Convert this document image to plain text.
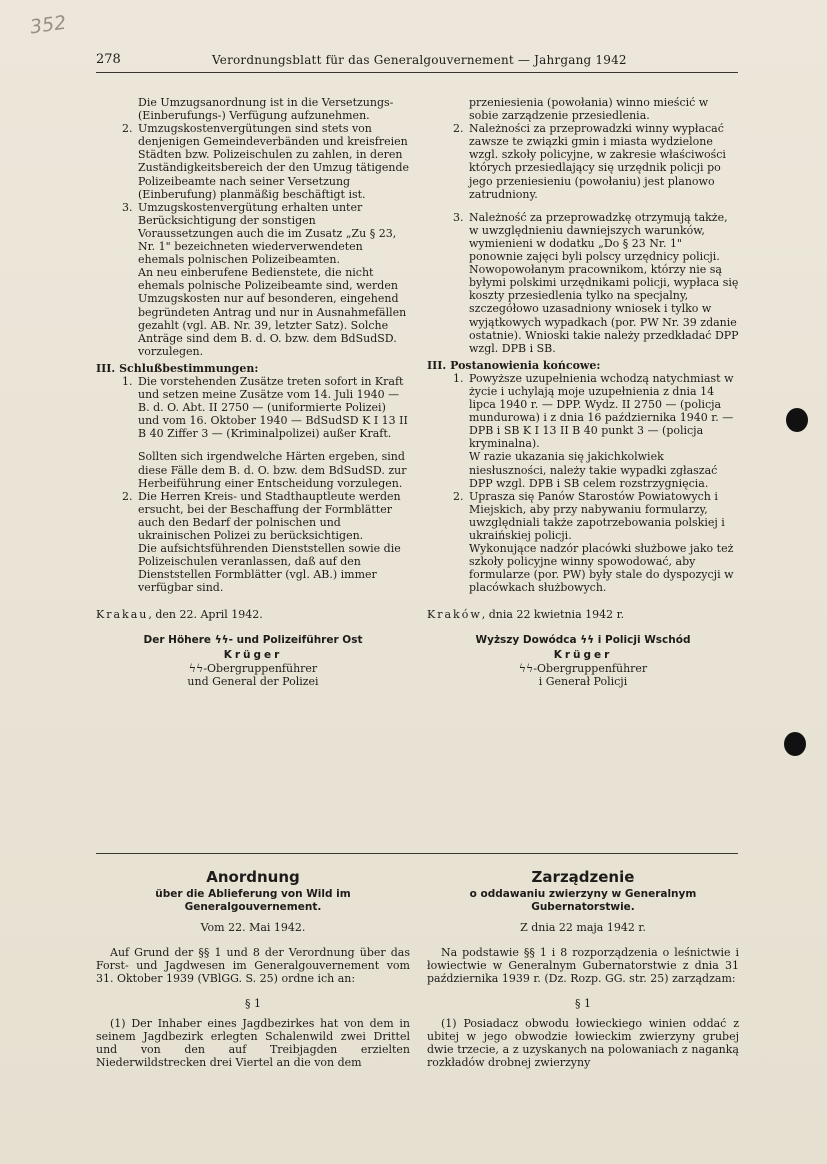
352
278	Verordnungsblatt für das Generalgouvernement — Jahrgang 1942

Die Umzugsanordnung ist in die Versetzungs- (Einberufungs-) Verfügung aufzunehmen.

2. Umzugskostenvergütungen sind stets von denjenigen Gemeindeverbänden und kreisfreien Städten bzw. Polizeischulen zu zahlen, in deren Zuständigkeitsbereich der den Umzug tätigende Polizeibeamte nach seiner Versetzung (Einberufung) planmäßig beschäftigt ist.

3. Umzugskostenvergütung erhalten unter Berücksichtigung der sonstigen Voraussetzungen auch die im Zusatz „Zu § 23, Nr. 1" bezeichneten wiederverwendeten ehemals polnischen Polizeibeamten.

An neu einberufene Bedienstete, die nicht ehemals polnische Polizeibeamte sind, werden Umzugskosten nur auf besonderen, eingehend begründeten Antrag und nur in Ausnahmefällen gezahlt (vgl. AB. Nr. 39, letzter Satz). Solche Anträge sind dem B. d. O. bzw. dem BdSudSD. vorzulegen.

III. Schlußbestimmungen:

1. Die vorstehenden Zusätze treten sofort in Kraft und setzen meine Zusätze vom 14. Juli 1940 — B. d. O. Abt. II 2750 — (uniformierte Polizei) und vom 16. Oktober 1940 — BdSudSD K I 13 II B 40 Ziffer 3 — (Kriminalpolizei) außer Kraft.

Sollten sich irgendwelche Härten ergeben, sind diese Fälle dem B. d. O. bzw. dem BdSudSD. zur Herbeiführung einer Entscheidung vorzulegen.

2. Die Herren Kreis- und Stadthauptleute werden ersucht, bei der Beschaffung der Formblätter auch den Bedarf der polnischen und ukrainischen Polizei zu berücksichtigen.

Die aufsichtsführenden Dienststellen sowie die Polizeischulen veranlassen, daß auf den Dienststellen Formblätter (vgl. AB.) immer verfügbar sind.

Krakau, den 22. April 1942.

Der Höhere ϟϟ- und Polizeiführer Ost
Krüger
ϟϟ-Obergruppenführer
und General der Polizei

przeniesienia (powołania) winno mieścić w sobie zarządzenie przesiedlenia.

2. Należności za przeprowadzki winny wypłacać zawsze te związki gmin i miasta wydzielone wzgl. szkoły policyjne, w zakresie właściwości których przesiedlający się urzędnik policji po jego przeniesieniu (powołaniu) jest planowo zatrudniony.

3. Należność za przeprowadzkę otrzymują także, w uwzględnieniu dawniejszych warunków, wymienieni w dodatku „Do § 23 Nr. 1" ponownie zajęci byli polscy urzędnicy policji. Nowopowołanym pracownikom, którzy nie są byłymi polskimi urzędnikami policji, wypłaca się koszty przesiedlenia tylko na specjalny, szczegółowo uzasadniony wniosek i tylko w wyjątkowych wypadkach (por. PW Nr. 39 zdanie ostatnie). Wnioski takie należy przedkładać DPP wzgl. DPB i SB.

III. Postanowienia końcowe:

1. Powyższe uzupełnienia wchodzą natychmiast w życie i uchylają moje uzupełnienia z dnia 14 lipca 1940 r. — DPP. Wydz. II 2750 — (policja mundurowa) i z dnia 16 października 1940 r. — DPB i SB K I 13 II B 40 punkt 3 — (policja kryminalna).

W razie ukazania się jakichkolwiek niesłuszności, należy takie wypadki zgłaszać DPP wzgl. DPB i SB celem rozstrzygnięcia.

2. Uprasza się Panów Starostów Powiatowych i Miejskich, aby przy nabywaniu formularzy, uwzględniali także zapotrzebowania polskiej i ukraińskiej policji.

Wykonujące nadzór placówki służbowe jako też szkoły policyjne winny spowodować, aby formularze (por. PW) były stale do dyspozycji w placówkach służbowych.

Kraków, dnia 22 kwietnia 1942 r.

Wyższy Dowódca ϟϟ i Policji Wschód
Krüger
ϟϟ-Obergruppenführer
i Generał Policji
Anordnung
über die Ablieferung von Wild im Generalgouvernement.
Vom 22. Mai 1942.

Auf Grund der §§ 1 und 8 der Verordnung über das Forst- und Jagdwesen im Generalgouvernement vom 31. Oktober 1939 (VBlGG. S. 25) ordne ich an:

§ 1

(1) Der Inhaber eines Jagdbezirkes hat von dem in seinem Jagdbezirk erlegten Schalenwild zwei Drittel und von den auf Treibjagden erzielten Niederwildstrecken drei Viertel an die von dem

Zarządzenie
o oddawaniu zwierzyny w Generalnym Gubernatorstwie.
Z dnia 22 maja 1942 r.

Na podstawie §§ 1 i 8 rozporządzenia o leśnictwie i łowiectwie w Generalnym Gubernatorstwie z dnia 31 października 1939 r. (Dz. Rozp. GG. str. 25) zarządzam:

§ 1

(1) Posiadacz obwodu łowieckiego winien oddać z ubitej w jego obwodzie łowieckim zwierzyny grubej dwie trzecie, a z uzyskanych na polowaniach z naganką rozkładów drobnej zwierzyny
